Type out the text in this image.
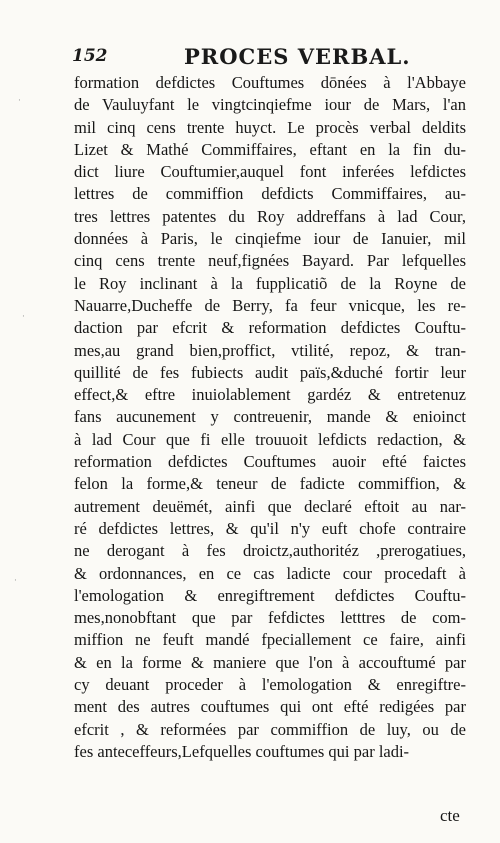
152	PROCES VERBAL.
formation defdictes Couftumes dōnées à l'Abbaye
de Vauluyfant le vingtcinqiefme iour de Mars, l'an
mil cinq cens trente huyct. Le procès verbal deldits
Lizet & Mathé Commiffaires, eftant en la fin du-
dict liure Couftumier,auquel font inferées lefdictes
lettres de commiffion defdicts Commiffaires, au-
tres lettres patentes du Roy addreffans à lad Cour,
données à Paris, le cinqiefme iour de Ianuier, mil
cinq cens trente neuf,fignées Bayard. Par lefquelles
le Roy inclinant à la fupplicatiõ de la Royne de
Nauarre,Ducheffe de Berry, fa feur vnicque, les re-
daction par efcrit & reformation defdictes Couftu-
mes,au grand bien,proffict, vtilité, repoz, & tran-
quillité de fes fubiects audit païs,&duché fortir leur
effect,& eftre inuiolablement gardéz & entretenuz
fans aucunement y contreuenir, mande & enioinct
à lad Cour que fi elle trouuoit lefdicts redaction, &
reformation defdictes Couftumes auoir efté faictes
felon la forme,& teneur de fadicte commiffion, &
autrement deuëmét, ainfi que declaré eftoit au nar-
ré defdictes lettres, & qu'il n'y euft chofe contraire
ne derogant à fes droictz,authoritéz ,prerogatiues,
& ordonnances, en ce cas ladicte cour procedaft à
l'emologation & enregiftrement defdictes Couftu-
mes,nonobftant que par fefdictes letttres de com-
miffion ne feuft mandé fpeciallement ce faire, ainfi
& en la forme & maniere que l'on à accouftumé par
cy deuant proceder à l'emologation & enregiftre-
ment des autres couftumes qui ont efté redigées par
efcrit , & reformées par commiffion de luy, ou de
fes anteceffeurs,Lefquelles couftumes qui par ladi-
cte
·
·
·
